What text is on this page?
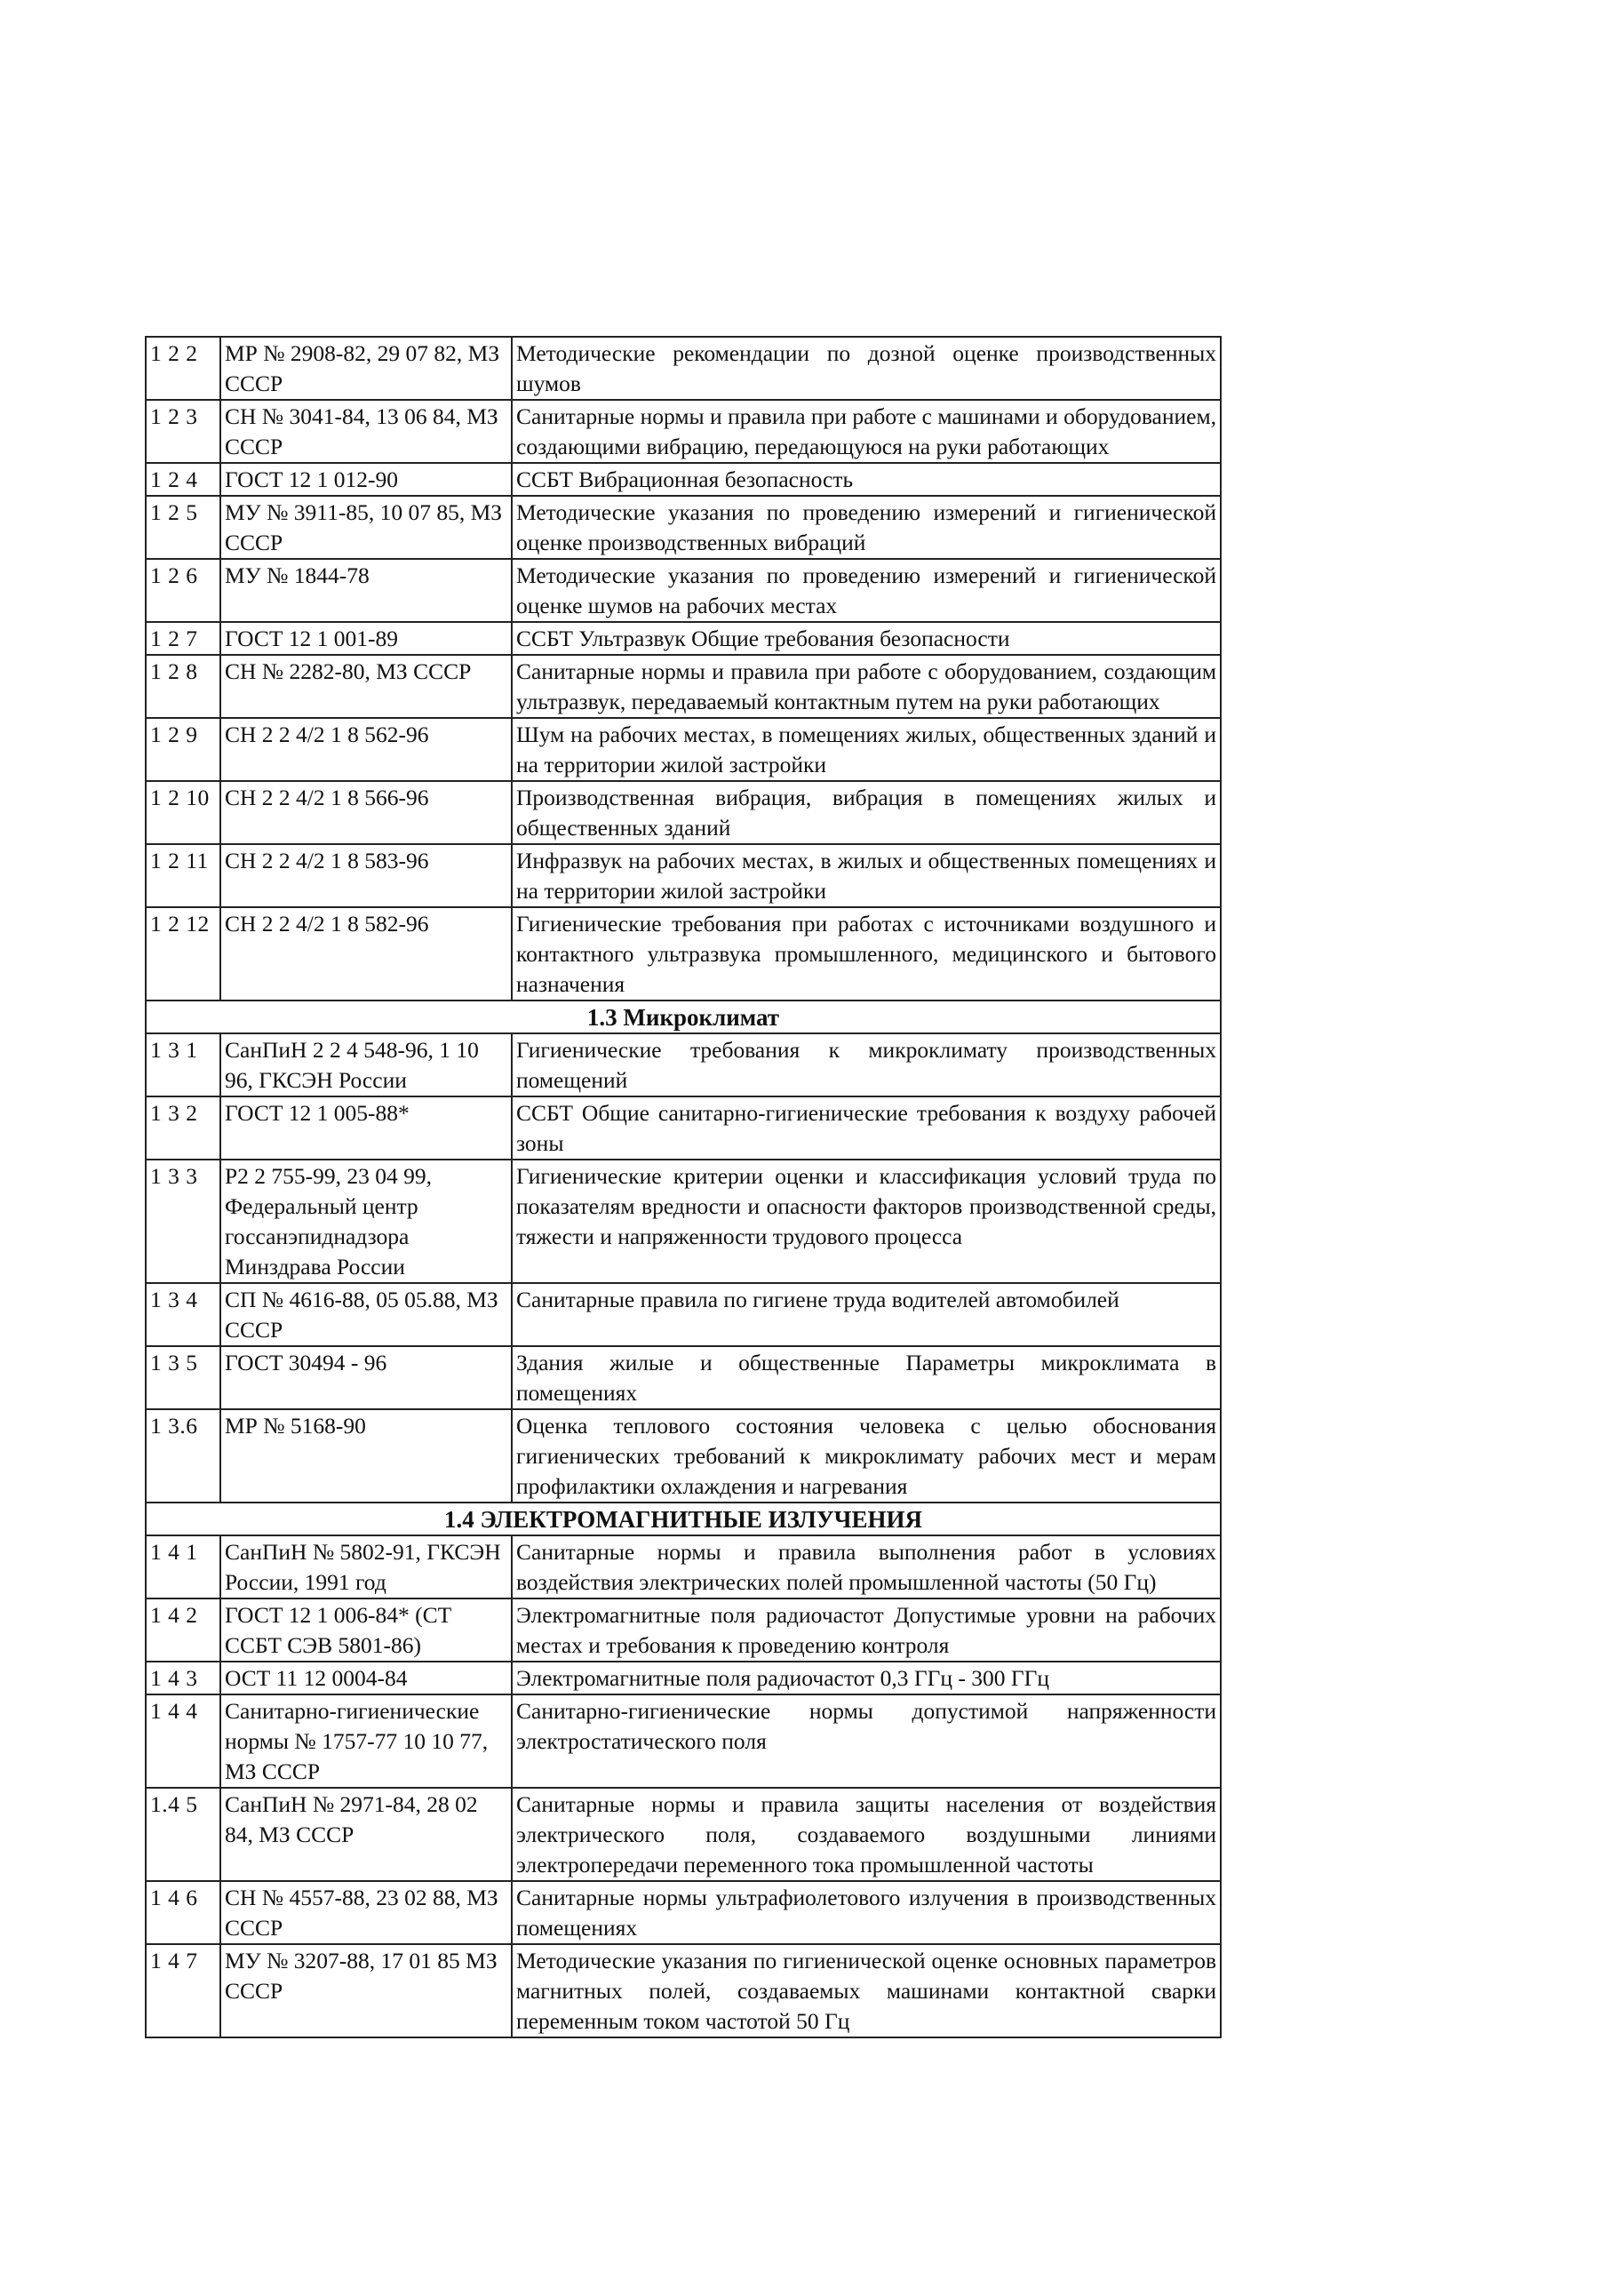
1 2 2	МР № 2908-82, 29 07 82, МЗ СССР	Методические рекомендации по дозной оценке производственных шумов
1 2 3	СН № 3041-84, 13 06 84, МЗ СССР	Санитарные нормы и правила при работе с машинами и оборудованием, создающими вибрацию, передающуюся на руки работающих
1 2 4	ГОСТ 12 1 012-90	ССБТ Вибрационная безопасность
1 2 5	МУ № 3911-85, 10 07 85, МЗ СССР	Методические указания по проведению измерений и гигиенической оценке производственных вибраций
1 2 6	МУ № 1844-78	Методические указания по проведению измерений и гигиенической оценке шумов на рабочих местах
1 2 7	ГОСТ 12 1 001-89	ССБТ Ультразвук Общие требования безопасности
1 2 8	СН № 2282-80, МЗ СССР	Санитарные нормы и правила при работе с оборудованием, создающим ультразвук, передаваемый контактным путем на руки работающих
1 2 9	СН 2 2 4/2 1 8 562-96	Шум на рабочих местах, в помещениях жилых, общественных зданий и на территории жилой застройки
1 2 10	СН 2 2 4/2 1 8 566-96	Производственная вибрация, вибрация в помещениях жилых и общественных зданий
1 2 11	СН 2 2 4/2 1 8 583-96	Инфразвук на рабочих местах, в жилых и общественных помещениях и на территории жилой застройки
1 2 12	СН 2 2 4/2 1 8 582-96	Гигиенические требования при работах с источниками воздушного и контактного ультразвука промышленного, медицинского и бытового назначения
1.3 Микроклимат		
1 3 1	СанПиН 2 2 4 548-96, 1 10 96, ГКСЭН России	Гигиенические требования к микроклимату производственных помещений
1 3 2	ГОСТ 12 1 005-88*	ССБТ Общие санитарно-гигиенические требования к воздуху рабочей зоны
1 3 3	Р2 2 755-99, 23 04 99, Федеральный центр госсанэпиднадзора Минздрава России	Гигиенические критерии оценки и классификация условий труда по показателям вредности и опасности факторов производственной среды, тяжести и напряженности трудового процесса
1 3 4	СП № 4616-88, 05 05.88, МЗ СССР	Санитарные правила по гигиене труда водителей автомобилей
1 3 5	ГОСТ 30494 - 96	Здания жилые и общественные Параметры микроклимата в помещениях
1 3.6	МР № 5168-90	Оценка теплового состояния человека с целью обоснования гигиенических требований к микроклимату рабочих мест и мерам профилактики охлаждения и нагревания
1.4 ЭЛЕКТРОМАГНИТНЫЕ ИЗЛУЧЕНИЯ		
1 4 1	СанПиН № 5802-91, ГКСЭН России, 1991 год	Санитарные нормы и правила выполнения работ в условиях воздействия электрических полей промышленной частоты (50 Гц)
1 4 2	ГОСТ 12 1 006-84* (СТ ССБТ СЭВ 5801-86)	Электромагнитные поля радиочастот Допустимые уровни на рабочих местах и требования к проведению контроля
1 4 3	ОСТ 11 12 0004-84	Электромагнитные поля радиочастот 0,3 ГГц - 300 ГГц
1 4 4	Санитарно-гигиенические нормы № 1757-77 10 10 77, МЗ СССР	Санитарно-гигиенические нормы допустимой напряженности электростатического поля
1.4 5	СанПиН № 2971-84, 28 02 84, МЗ СССР	Санитарные нормы и правила защиты населения от воздействия электрического поля, создаваемого воздушными линиями электропередачи переменного тока промышленной частоты
1 4 6	СН № 4557-88, 23 02 88, МЗ СССР	Санитарные нормы ультрафиолетового излучения в производственных помещениях
1 4 7	МУ № 3207-88, 17 01 85 МЗ СССР	Методические указания по гигиенической оценке основных параметров магнитных полей, создаваемых машинами контактной сварки переменным током частотой 50 Гц
